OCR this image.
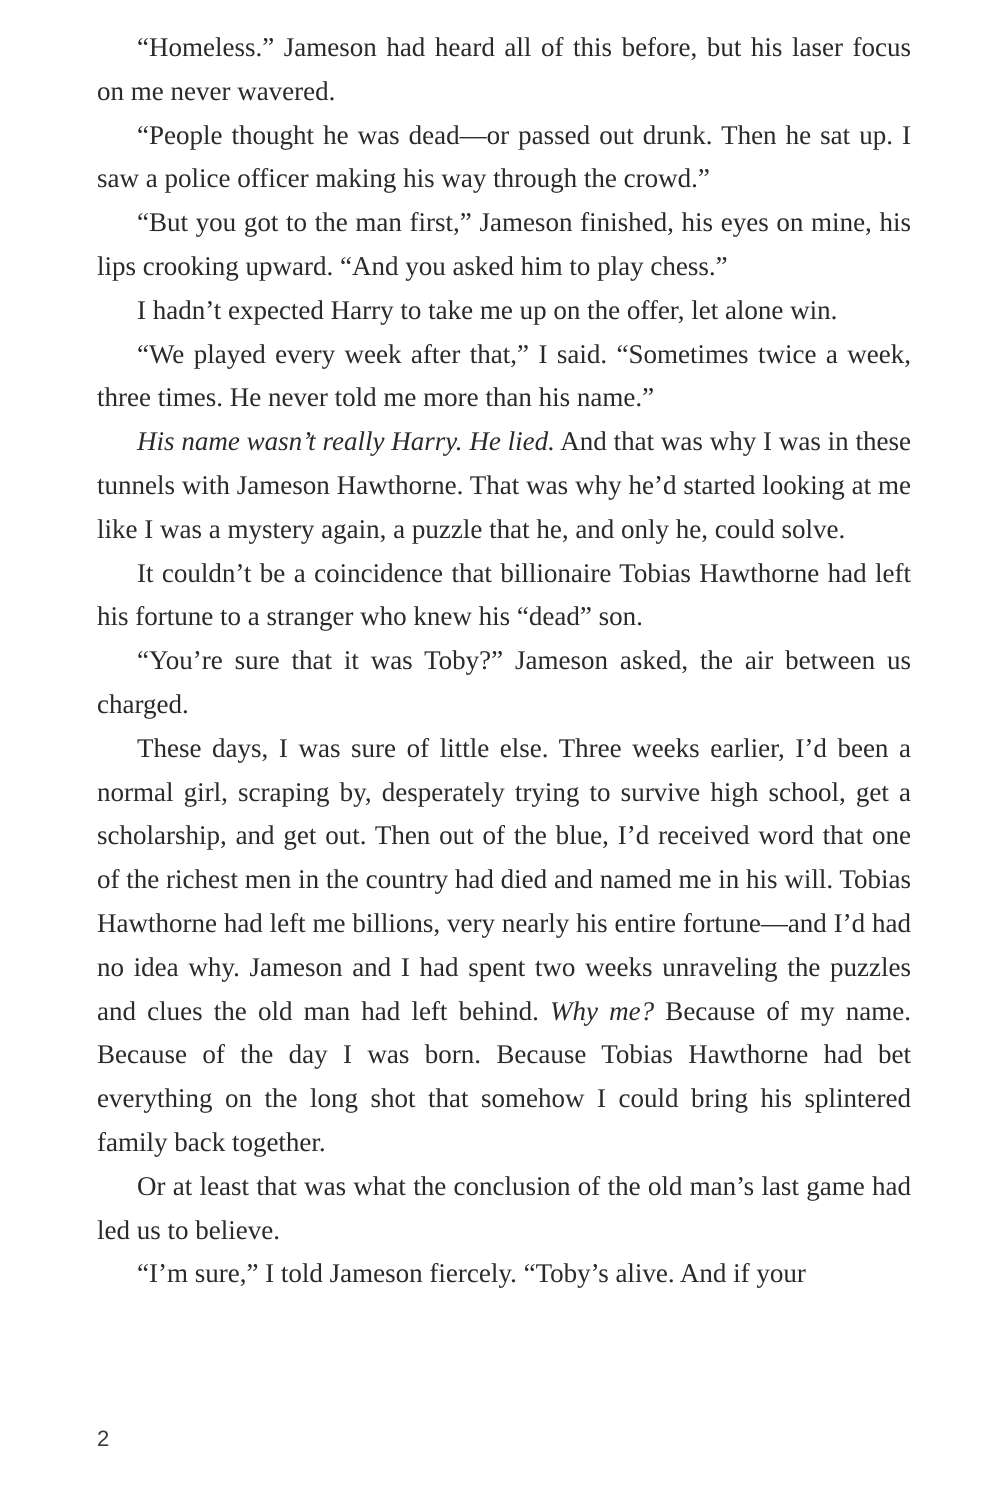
“Homeless.” Jameson had heard all of this before, but his laser focus on me never wavered.

“People thought he was dead—or passed out drunk. Then he sat up. I saw a police officer making his way through the crowd.”

“But you got to the man first,” Jameson finished, his eyes on mine, his lips crooking upward. “And you asked him to play chess.”

I hadn’t expected Harry to take me up on the offer, let alone win.

“We played every week after that,” I said. “Sometimes twice a week, three times. He never told me more than his name.”

His name wasn’t really Harry. He lied. And that was why I was in these tunnels with Jameson Hawthorne. That was why he’d started looking at me like I was a mystery again, a puzzle that he, and only he, could solve.

It couldn’t be a coincidence that billionaire Tobias Hawthorne had left his fortune to a stranger who knew his “dead” son.

“You’re sure that it was Toby?” Jameson asked, the air between us charged.

These days, I was sure of little else. Three weeks earlier, I’d been a normal girl, scraping by, desperately trying to survive high school, get a scholarship, and get out. Then out of the blue, I’d received word that one of the richest men in the country had died and named me in his will. Tobias Hawthorne had left me billions, very nearly his entire fortune—and I’d had no idea why. Jameson and I had spent two weeks unraveling the puzzles and clues the old man had left behind. Why me? Because of my name. Because of the day I was born. Because Tobias Hawthorne had bet everything on the long shot that somehow I could bring his splintered family back together.

Or at least that was what the conclusion of the old man’s last game had led us to believe.

“I’m sure,” I told Jameson fiercely. “Toby’s alive. And if your

2
